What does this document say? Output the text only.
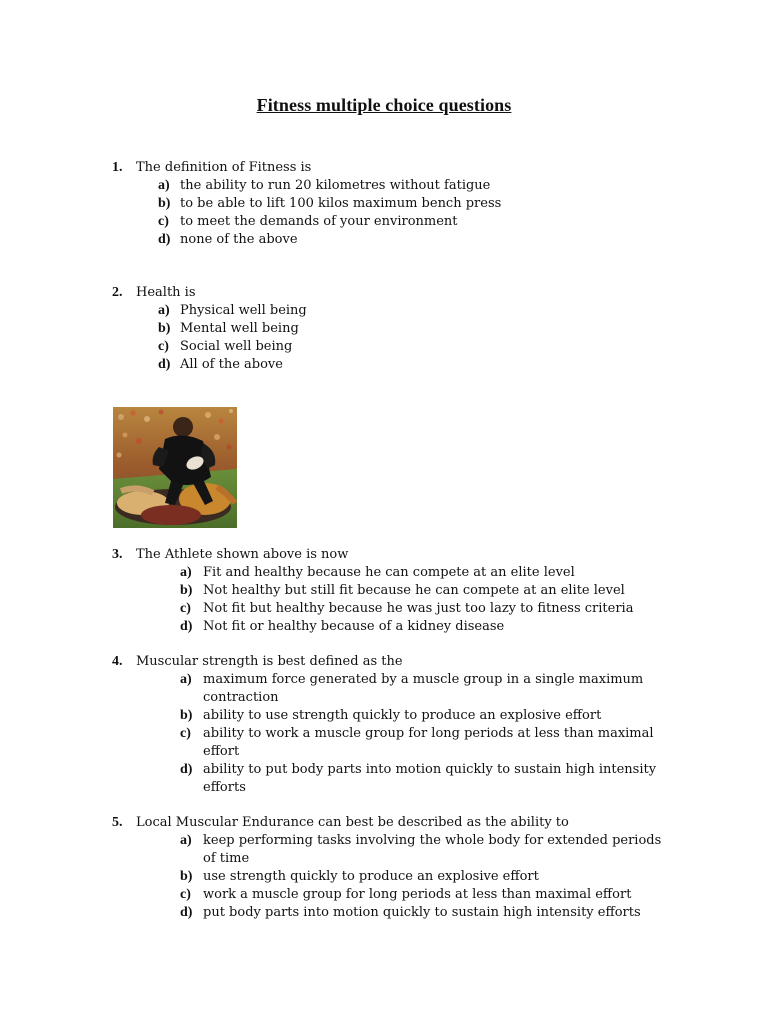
Fitness multiple choice questions
1. The definition of Fitness is
a) the ability to run 20 kilometres without fatigue
b) to be able to lift 100 kilos maximum bench press
c) to meet the demands of your environment
d) none of the above
2. Health is
a) Physical well being
b) Mental well being
c) Social well being
d) All of the above
3. The Athlete shown above is now
a) Fit and healthy because he can compete at an elite level
b) Not healthy but still fit because he can compete at an elite level
c) Not fit but healthy because he was just too lazy to fitness criteria
d) Not fit or healthy because of a kidney disease
4. Muscular strength is best defined as the
a) maximum force generated by a muscle group in a single maximum contraction
b) ability to use strength quickly to produce an explosive effort
c) ability to work a muscle group for long periods at less than maximal effort
d) ability to put body parts into motion quickly to sustain high intensity efforts
5. Local Muscular Endurance can best be described as the ability to
a) keep performing tasks involving the whole body for extended periods of time
b) use strength quickly to produce an explosive effort
c) work a muscle group for long periods at less than maximal effort
d) put body parts into motion quickly to sustain high intensity efforts
